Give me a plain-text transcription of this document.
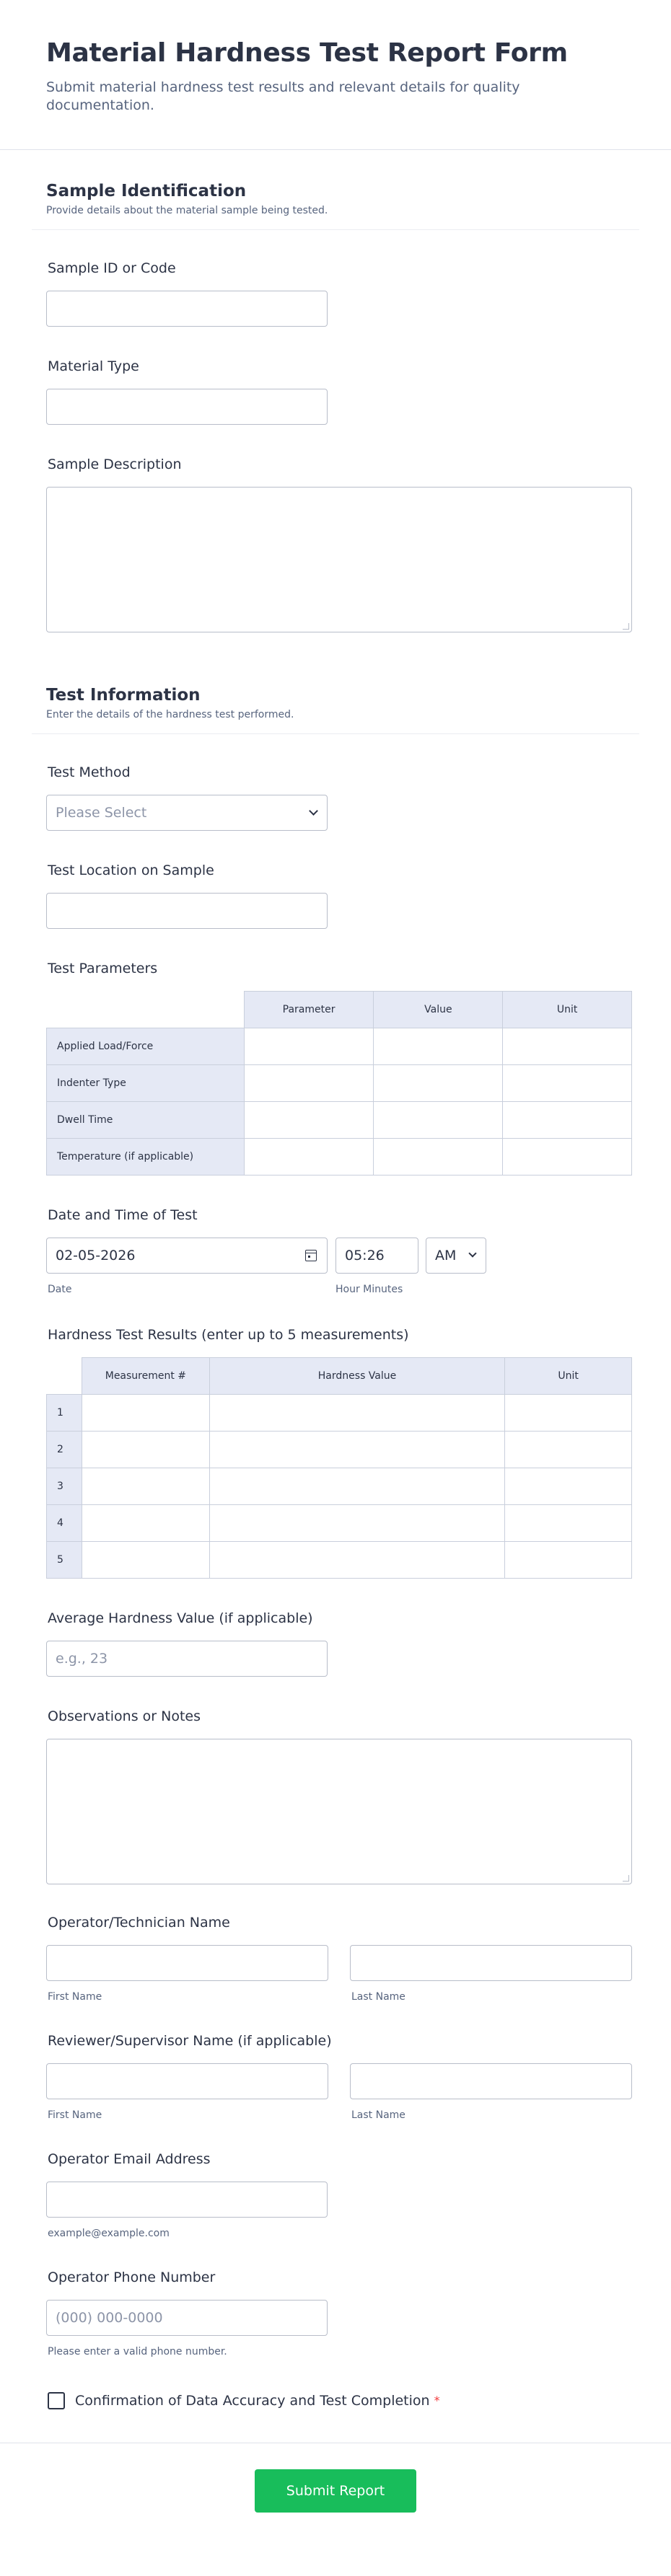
Material Hardness Test Report Form

Submit material hardness test results and relevant details for quality documentation.

Sample Identification
Provide details about the material sample being tested.
Sample ID or Code
Material Type
Sample Description
Test Information
Enter the details of the hardness test performed.
Test Method
Please Select
Test Location on Sample
Test Parameters
	Parameter	Value	Unit
Applied Load/Force			
Indenter Type			
Dwell Time			
Temperature (if applicable)			
Date and Time of Test
02-05-2026	05:26	AM
Date	Hour Minutes
Hardness Test Results (enter up to 5 measurements)
	Measurement #	Hardness Value	Unit
1			
2			
3			
4			
5			
Average Hardness Value (if applicable)
e.g., 23
Observations or Notes
Operator/Technician Name
First Name	Last Name
Reviewer/Supervisor Name (if applicable)
First Name	Last Name
Operator Email Address
example@example.com
Operator Phone Number
(000) 000-0000
Please enter a valid phone number.
Confirmation of Data Accuracy and Test Completion *
Submit Report
